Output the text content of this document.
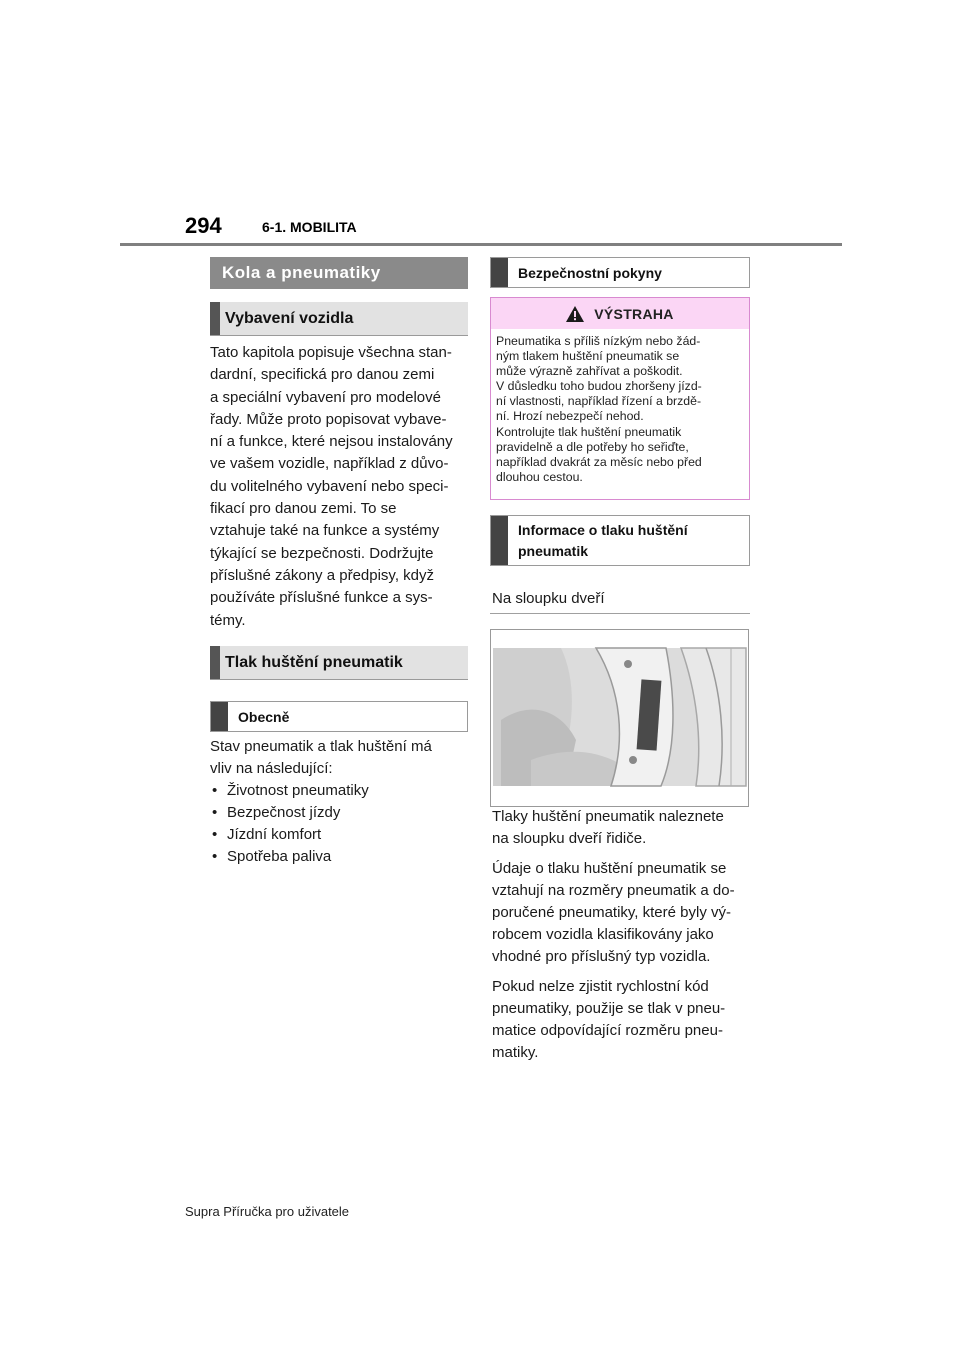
294	6-1. MOBILITA
Kola a pneumatiky
Vybavení vozidla

Tato kapitola popisuje všechna stan-
dardní, specifická pro danou zemi
a speciální vybavení pro modelové
řady. Může proto popisovat vybave-
ní a funkce, které nejsou instalovány
ve vašem vozidle, například z důvo-
du volitelného vybavení nebo speci-
fikací pro danou zemi. To se
vztahuje také na funkce a systémy
týkající se bezpečnosti. Dodržujte
příslušné zákony a předpisy, když
používáte příslušné funkce a sys-
témy.

Tlak huštění pneumatik
Obecně

Stav pneumatik a tlak huštění má
vliv na následující:

• Životnost pneumatiky
• Bezpečnost jízdy
• Jízdní komfort
• Spotřeba paliva
Bezpečnostní pokyny
VÝSTRAHA
Pneumatika s příliš nízkým nebo žád-
ným tlakem huštění pneumatik se
může výrazně zahřívat a poškodit.
V důsledku toho budou zhoršeny jízd-
ní vlastnosti, například řízení a brzdě-
ní. Hrozí nebezpečí nehod.
Kontrolujte tlak huštění pneumatik
pravidelně a dle potřeby ho seřiďte,
například dvakrát za měsíc nebo před
dlouhou cestou.
Informace o tlaku huštění
pneumatik
Na sloupku dveří

Tlaky huštění pneumatik naleznete
na sloupku dveří řidiče.

Údaje o tlaku huštění pneumatik se
vztahují na rozměry pneumatik a do-
poručené pneumatiky, které byly vý-
robcem vozidla klasifikovány jako
vhodné pro příslušný typ vozidla.

Pokud nelze zjistit rychlostní kód
pneumatiky, použije se tlak v pneu-
matice odpovídající rozměru pneu-
matiky.

Supra Příručka pro uživatele
